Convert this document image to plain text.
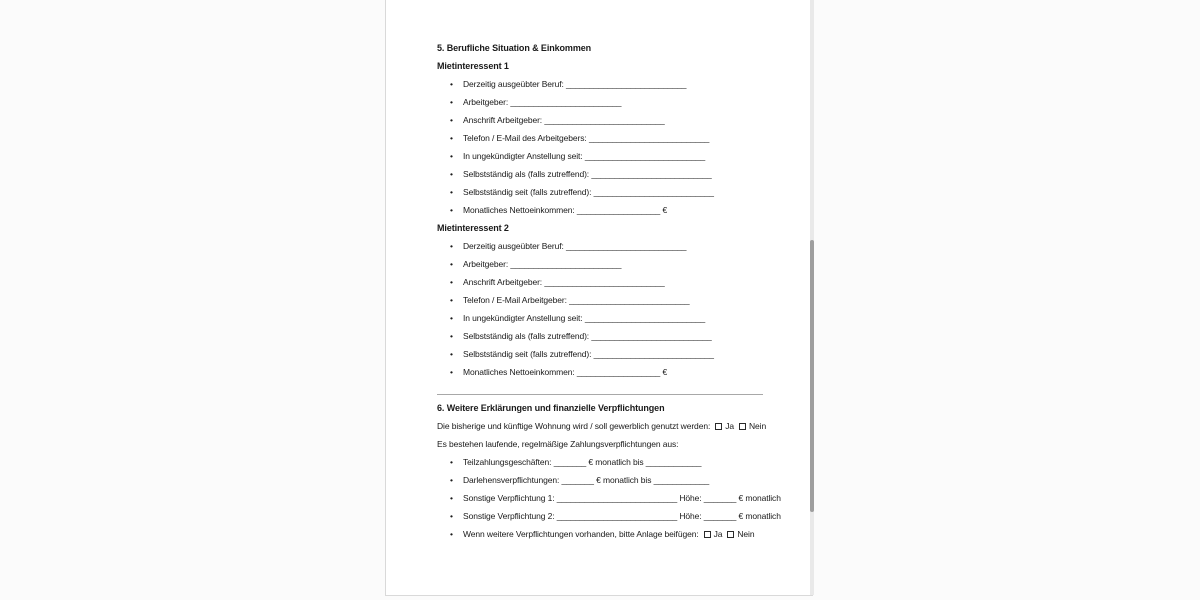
5. Berufliche Situation & Einkommen
Mietinteressent 1
• Derzeitig ausgeübter Beruf: __________________________
• Arbeitgeber: ________________________
• Anschrift Arbeitgeber: __________________________
• Telefon / E-Mail des Arbeitgebers: __________________________
• In ungekündigter Anstellung seit: __________________________
• Selbstständig als (falls zutreffend): __________________________
• Selbstständig seit (falls zutreffend): __________________________
• Monatliches Nettoeinkommen: __________________ €
Mietinteressent 2
• Derzeitig ausgeübter Beruf: __________________________
• Arbeitgeber: ________________________
• Anschrift Arbeitgeber: __________________________
• Telefon / E-Mail Arbeitgeber: __________________________
• In ungekündigter Anstellung seit: __________________________
• Selbstständig als (falls zutreffend): __________________________
• Selbstständig seit (falls zutreffend): __________________________
• Monatliches Nettoeinkommen: __________________ €
6. Weitere Erklärungen und finanzielle Verpflichtungen

Die bisherige und künftige Wohnung wird / soll gewerblich genutzt werden: Ja Nein

Es bestehen laufende, regelmäßige Zahlungsverpflichtungen aus:

• Teilzahlungsgeschäften: _______ € monatlich bis ____________
• Darlehensverpflichtungen: _______ € monatlich bis ____________
• Sonstige Verpflichtung 1: __________________________ Höhe: _______ € monatlich
• Sonstige Verpflichtung 2: __________________________ Höhe: _______ € monatlich
• Wenn weitere Verpflichtungen vorhanden, bitte Anlage beifügen: Ja Nein
